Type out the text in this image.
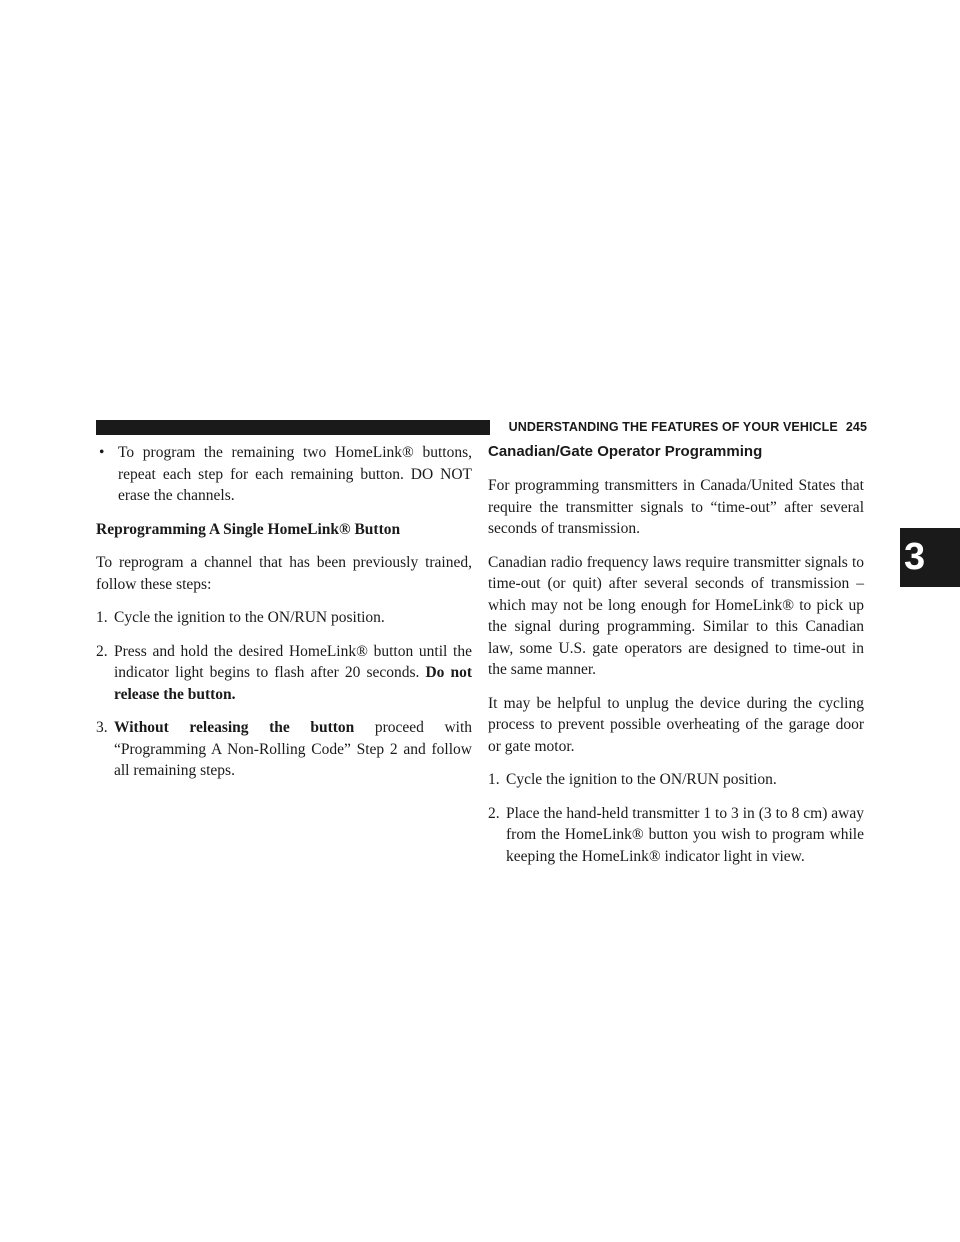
UNDERSTANDING THE FEATURES OF YOUR VEHICLE 245
3
• To program the remaining two HomeLink® buttons, repeat each step for each remaining button. DO NOT erase the channels.

Reprogramming A Single HomeLink® Button

To reprogram a channel that has been previously trained, follow these steps:

1. Cycle the ignition to the ON/RUN position.
2. Press and hold the desired HomeLink® button until the indicator light begins to flash after 20 seconds. Do not release the button.
3. Without releasing the button proceed with “Programming A Non-Rolling Code” Step 2 and follow all remaining steps.
Canadian/Gate Operator Programming

For programming transmitters in Canada/United States that require the transmitter signals to “time-out” after several seconds of transmission.

Canadian radio frequency laws require transmitter signals to time-out (or quit) after several seconds of transmission – which may not be long enough for HomeLink® to pick up the signal during programming. Similar to this Canadian law, some U.S. gate operators are designed to time-out in the same manner.

It may be helpful to unplug the device during the cycling process to prevent possible overheating of the garage door or gate motor.

1. Cycle the ignition to the ON/RUN position.
2. Place the hand-held transmitter 1 to 3 in (3 to 8 cm) away from the HomeLink® button you wish to program while keeping the HomeLink® indicator light in view.
